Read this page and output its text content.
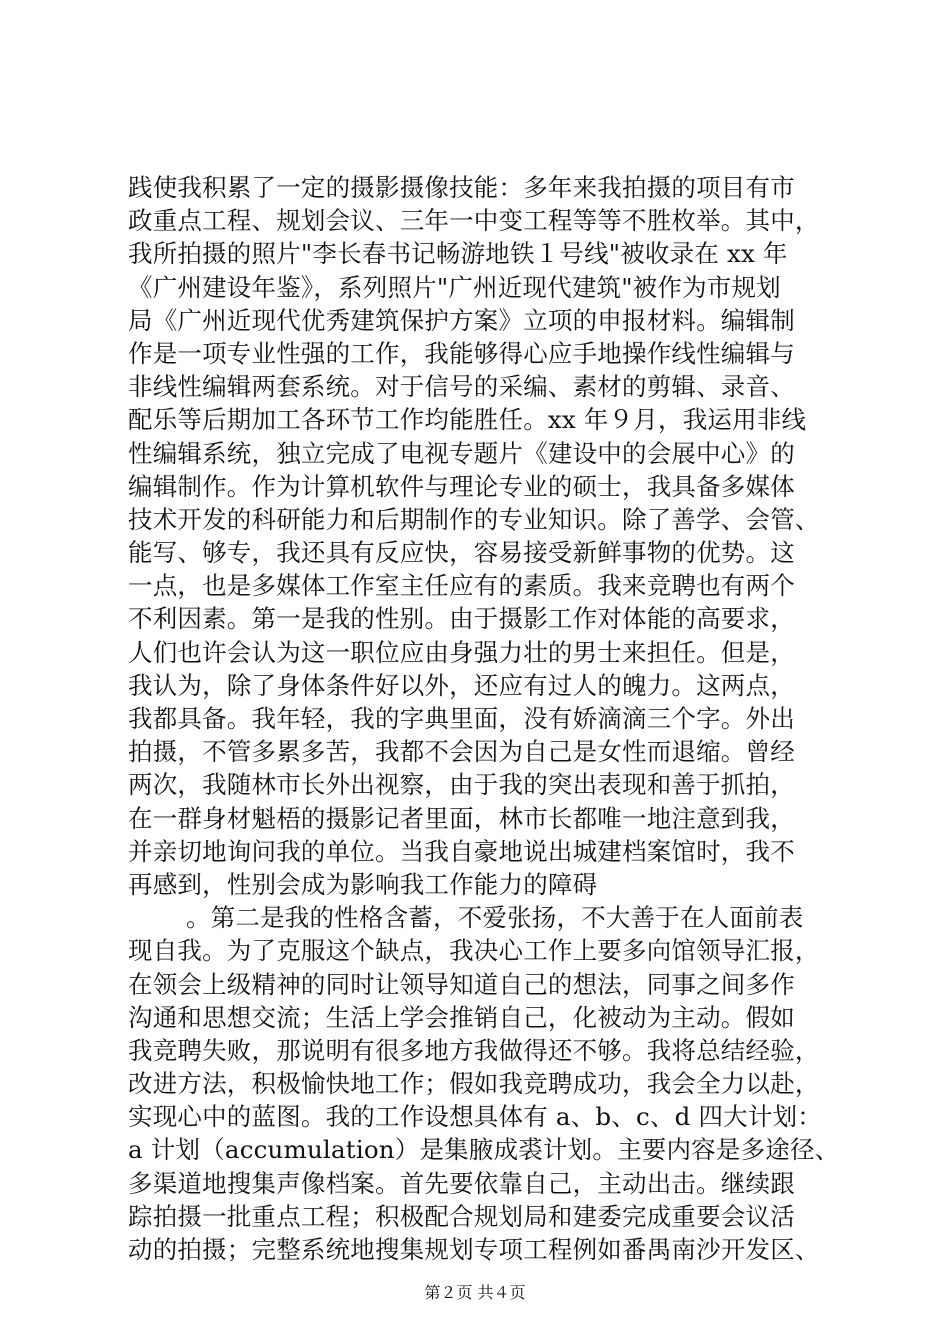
践使我积累了一定的摄影摄像技能：多年来我拍摄的项目有市
政重点工程、规划会议、三年一中变工程等等不胜枚举。其中，
我所拍摄的照片"李长春书记畅游地铁１号线"被收录在 xx 年
《广州建设年鉴》，系列照片"广州近现代建筑"被作为市规划
局《广州近现代优秀建筑保护方案》立项的申报材料。编辑制
作是一项专业性强的工作，我能够得心应手地操作线性编辑与
非线性编辑两套系统。对于信号的采编、素材的剪辑、录音、
配乐等后期加工各环节工作均能胜任。xx 年９月，我运用非线
性编辑系统，独立完成了电视专题片《建设中的会展中心》的
编辑制作。作为计算机软件与理论专业的硕士，我具备多媒体
技术开发的科研能力和后期制作的专业知识。除了善学、会管、
能写、够专，我还具有反应快，容易接受新鲜事物的优势。这
一点，也是多媒体工作室主任应有的素质。我来竞聘也有两个
不利因素。第一是我的性别。由于摄影工作对体能的高要求，
人们也许会认为这一职位应由身强力壮的男士来担任。但是，
我认为，除了身体条件好以外，还应有过人的魄力。这两点，
我都具备。我年轻，我的字典里面，没有娇滴滴三个字。外出
拍摄，不管多累多苦，我都不会因为自己是女性而退缩。曾经
两次，我随林市长外出视察，由于我的突出表现和善于抓拍，
在一群身材魁梧的摄影记者里面，林市长都唯一地注意到我，
并亲切地询问我的单位。当我自豪地说出城建档案馆时，我不
再感到，性别会成为影响我工作能力的障碍
。第二是我的性格含蓄，不爱张扬，不大善于在人面前表
现自我。为了克服这个缺点，我决心工作上要多向馆领导汇报，
在领会上级精神的同时让领导知道自己的想法，同事之间多作
沟通和思想交流；生活上学会推销自己，化被动为主动。假如
我竞聘失败，那说明有很多地方我做得还不够。我将总结经验，
改进方法，积极愉快地工作；假如我竞聘成功，我会全力以赴，
实现心中的蓝图。我的工作设想具体有 a、b、c、d 四大计划：
a 计划（accumulation）是集腋成裘计划。主要内容是多途径、
多渠道地搜集声像档案。首先要依靠自己，主动出击。继续跟
踪拍摄一批重点工程；积极配合规划局和建委完成重要会议活
动的拍摄；完整系统地搜集规划专项工程例如番禺南沙开发区、
第２页 共４页
